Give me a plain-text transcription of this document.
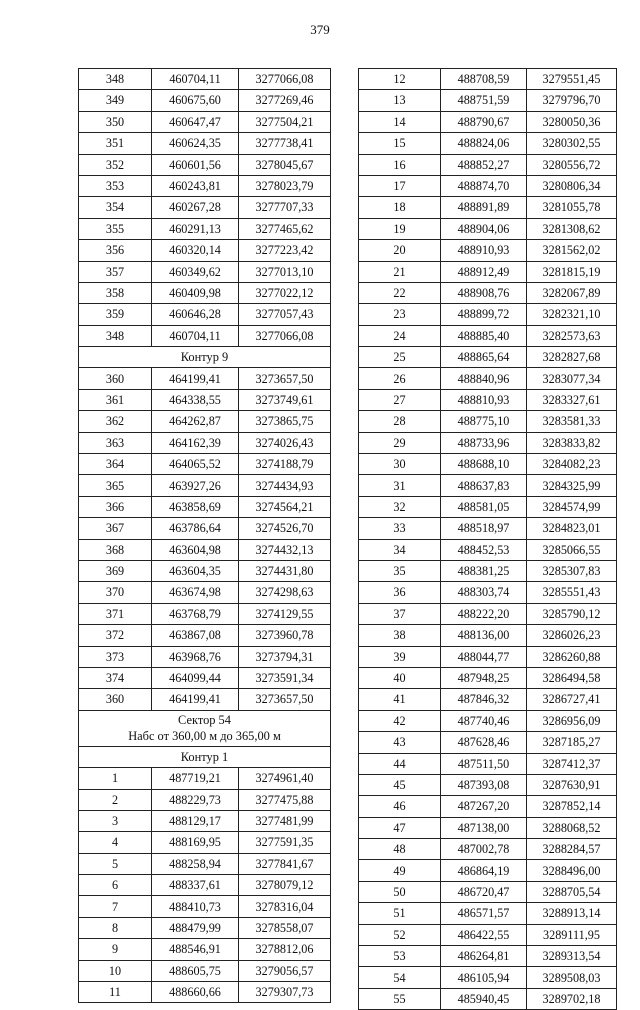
379
348	460704,11	3277066,08
349	460675,60	3277269,46
350	460647,47	3277504,21
351	460624,35	3277738,41
352	460601,56	3278045,67
353	460243,81	3278023,79
354	460267,28	3277707,33
355	460291,13	3277465,62
356	460320,14	3277223,42
357	460349,62	3277013,10
358	460409,98	3277022,12
359	460646,28	3277057,43
348	460704,11	3277066,08
Контур 9		
360	464199,41	3273657,50
361	464338,55	3273749,61
362	464262,87	3273865,75
363	464162,39	3274026,43
364	464065,52	3274188,79
365	463927,26	3274434,93
366	463858,69	3274564,21
367	463786,64	3274526,70
368	463604,98	3274432,13
369	463604,35	3274431,80
370	463674,98	3274298,63
371	463768,79	3274129,55
372	463867,08	3273960,78
373	463968,76	3273794,31
374	464099,44	3273591,34
360	464199,41	3273657,50

Сектор 54
Набс от 360,00 м до 365,00 м		

Контур 1		
1	487719,21	3274961,40
2	488229,73	3277475,88
3	488129,17	3277481,99
4	488169,95	3277591,35
5	488258,94	3277841,67
6	488337,61	3278079,12
7	488410,73	3278316,04
8	488479,99	3278558,07
9	488546,91	3278812,06
10	488605,75	3279056,57
11	488660,66	3279307,73
12	488708,59	3279551,45
13	488751,59	3279796,70
14	488790,67	3280050,36
15	488824,06	3280302,55
16	488852,27	3280556,72
17	488874,70	3280806,34
18	488891,89	3281055,78
19	488904,06	3281308,62
20	488910,93	3281562,02
21	488912,49	3281815,19
22	488908,76	3282067,89
23	488899,72	3282321,10
24	488885,40	3282573,63
25	488865,64	3282827,68
26	488840,96	3283077,34
27	488810,93	3283327,61
28	488775,10	3283581,33
29	488733,96	3283833,82
30	488688,10	3284082,23
31	488637,83	3284325,99
32	488581,05	3284574,99
33	488518,97	3284823,01
34	488452,53	3285066,55
35	488381,25	3285307,83
36	488303,74	3285551,43
37	488222,20	3285790,12
38	488136,00	3286026,23
39	488044,77	3286260,88
40	487948,25	3286494,58
41	487846,32	3286727,41
42	487740,46	3286956,09
43	487628,46	3287185,27
44	487511,50	3287412,37
45	487393,08	3287630,91
46	487267,20	3287852,14
47	487138,00	3288068,52
48	487002,78	3288284,57
49	486864,19	3288496,00
50	486720,47	3288705,54
51	486571,57	3288913,14
52	486422,55	3289111,95
53	486264,81	3289313,54
54	486105,94	3289508,03
55	485940,45	3289702,18
